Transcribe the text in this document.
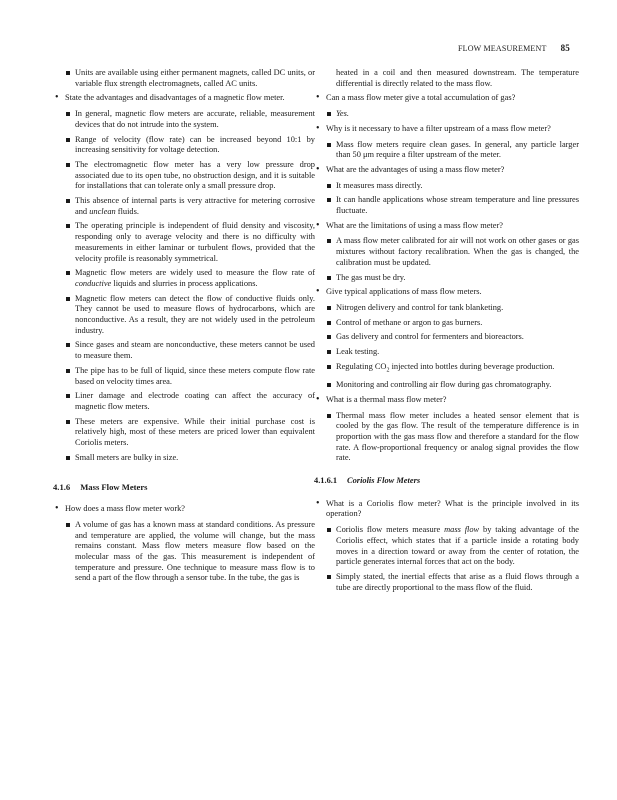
FLOW MEASUREMENT 85
Units are available using either permanent magnets, called DC units, or variable flux strength electromagnets, called AC units.
• State the advantages and disadvantages of a magnetic flow meter.
In general, magnetic flow meters are accurate, reliable, measurement devices that do not intrude into the system.
Range of velocity (flow rate) can be increased beyond 10:1 by increasing sensitivity for voltage detection.
The electromagnetic flow meter has a very low pressure drop associated due to its open tube, no obstruction design, and it is suitable for installations that can tolerate only a small pressure drop.
This absence of internal parts is very attractive for metering corrosive and unclean fluids.
The operating principle is independent of fluid density and viscosity, responding only to average velocity and there is no difficulty with measurements in either laminar or turbulent flows, provided that the velocity profile is reasonably symmetrical.
Magnetic flow meters are widely used to measure the flow rate of conductive liquids and slurries in process applications.
Magnetic flow meters can detect the flow of conductive fluids only. They cannot be used to measure flows of hydrocarbons, which are nonconductive. As a result, they are not widely used in the petroleum industry.
Since gases and steam are nonconductive, these meters cannot be used to measure them.
The pipe has to be full of liquid, since these meters compute flow rate based on velocity times area.
Liner damage and electrode coating can affect the accuracy of magnetic flow meters.
These meters are expensive. While their initial purchase cost is relatively high, most of these meters are priced lower than equivalent Coriolis meters.
Small meters are bulky in size.
4.1.6 Mass Flow Meters
• How does a mass flow meter work?
A volume of gas has a known mass at standard conditions. As pressure and temperature are applied, the volume will change, but the mass remains constant. Mass flow meters measure flow based on the molecular mass of the gas. This measurement is independent of temperature and pressure. One technique to measure mass flow is to send a part of the flow through a sensor tube. In the tube, the gas is
heated in a coil and then measured downstream. The temperature differential is directly related to the mass flow.
• Can a mass flow meter give a total accumulation of gas?
Yes.
• Why is it necessary to have a filter upstream of a mass flow meter?
Mass flow meters require clean gases. In general, any particle larger than 50 μm require a filter upstream of the meter.
• What are the advantages of using a mass flow meter?
It measures mass directly.
It can handle applications whose stream temperature and line pressures fluctuate.
• What are the limitations of using a mass flow meter?
A mass flow meter calibrated for air will not work on other gases or gas mixtures without factory recalibration. When the gas is changed, the calibration must be updated.
The gas must be dry.
• Give typical applications of mass flow meters.
Nitrogen delivery and control for tank blanketing.
Control of methane or argon to gas burners.
Gas delivery and control for fermenters and bioreactors.
Leak testing.
Regulating $CO_2$ injected into bottles during beverage production.
Monitoring and controlling air flow during gas chromatography.
• What is a thermal mass flow meter?
Thermal mass flow meter includes a heated sensor element that is cooled by the gas flow. The result of the temperature difference is in proportion with the gas mass flow and therefore a standard for the flow rate. A flow-proportional frequency or analog signal provides the flow rate.
4.1.6.1 Coriolis Flow Meters
• What is a Coriolis flow meter? What is the principle involved in its operation?
Coriolis flow meters measure mass flow by taking advantage of the Coriolis effect, which states that if a particle inside a rotating body moves in a direction toward or away from the center of rotation, the particle generates internal forces that act on the body.
Simply stated, the inertial effects that arise as a fluid flows through a tube are directly proportional to the mass flow of the fluid.
